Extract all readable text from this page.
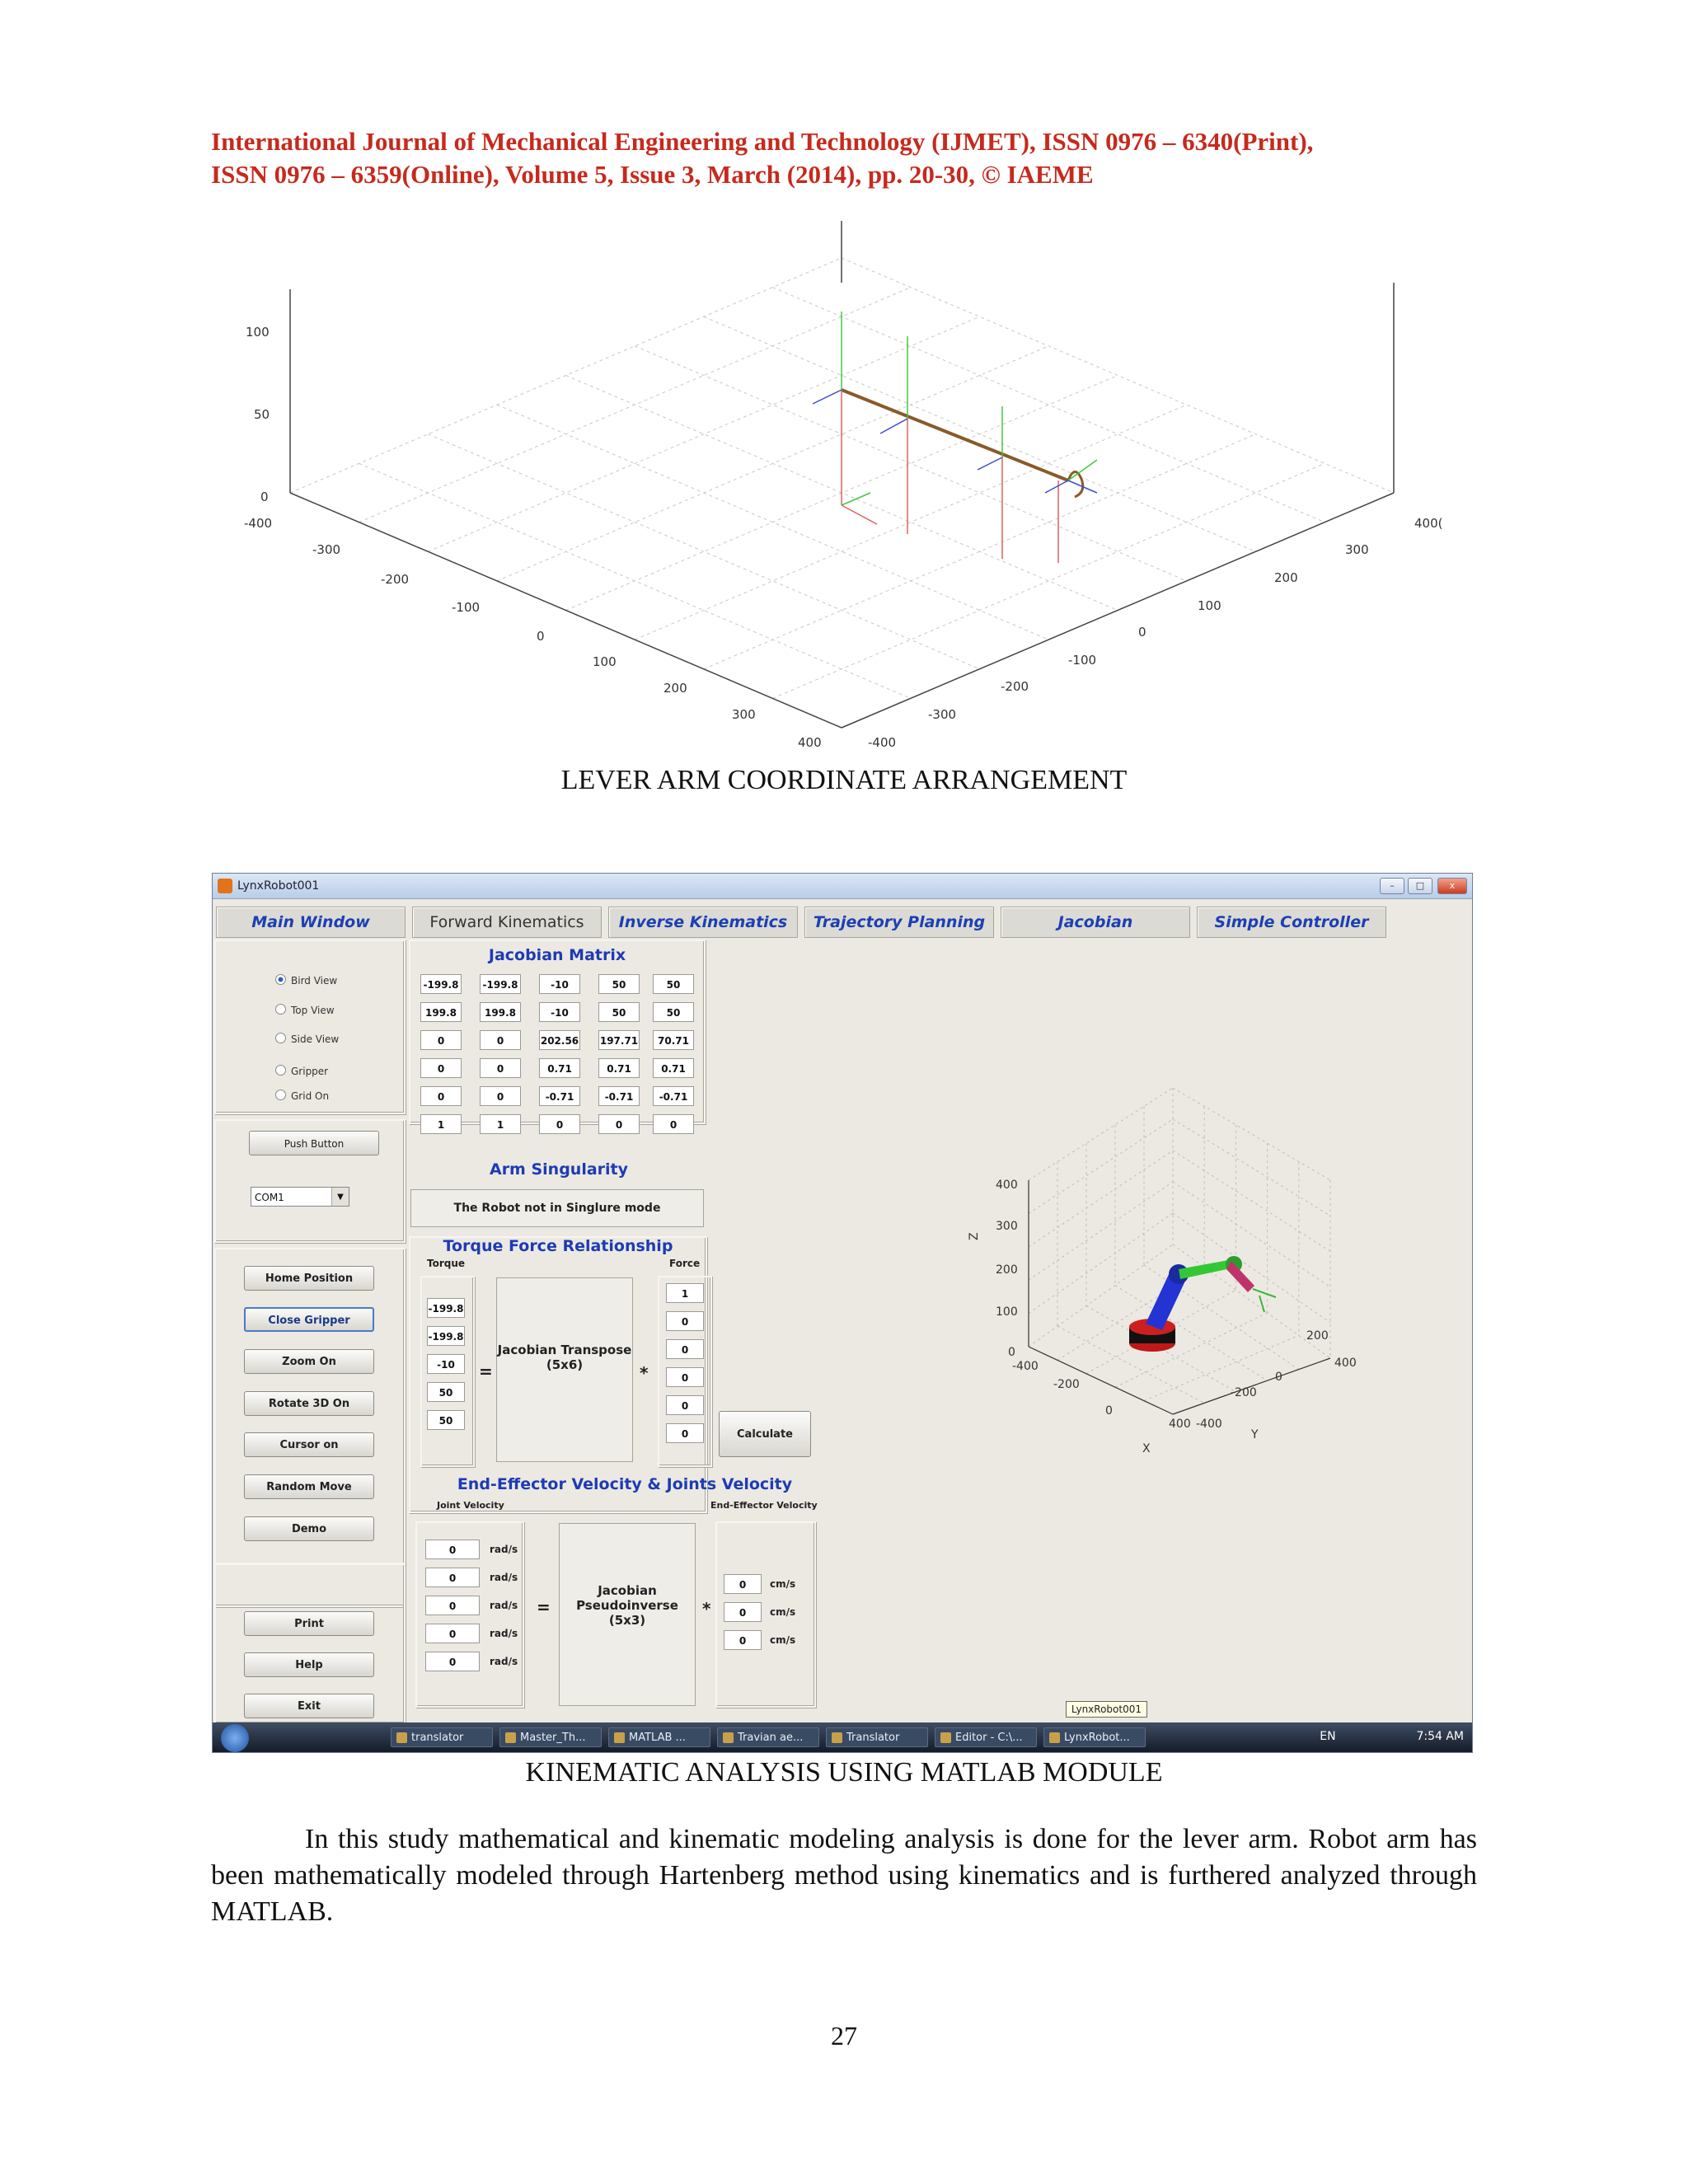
International Journal of Mechanical Engineering and Technology (IJMET), ISSN 0976 – 6340(Print),
ISSN 0976 – 6359(Online), Volume 5, Issue 3, March (2014), pp. 20-30, © IAEME
100
50
0
-400
-300
-200
-100
0
100
200
300
400	-400
-300
-200
-100
0
100
200
300
400(
LEVER ARM COORDINATE ARRANGEMENT
LynxRobot001	–	□	x
Main Window	Forward Kinematics	Inverse Kinematics	Trajectory Planning	Jacobian	Simple Controller
Bird View
Top View
Side View
Gripper
Grid On
Push Button
COM1	▼
Home Position
Close Gripper
Zoom On
Rotate 3D On
Cursor on
Random Move
Demo
Print
Help
Exit
Jacobian Matrix
-199.8 -199.8	-10	50	50
199.8	199.8	-10	50	50
0	0	202.56 197.71	70.71
0	0	0.71	0.71	0.71
0	0	-0.71	-0.71	-0.71
1	1	0	0	0
Arm Singularity
The Robot not in Singlure mode
Torque Force Relationship
Torque	Force
-199.8
-199.8
-10
50
50
=
Jacobian Transpose (5x6)	*
1
0
0
0
0
0	Calculate
End-Effector Velocity & Joints Velocity
Joint Velocity	End-Effector Velocity
0
0
0
0
0
=
Jacobian Pseudoinverse (5x3)
*
0
0
0
400
300
200
100
0
Z
-400
-200
0
400
X
-400
-200
0
200
400
Y
LynxRobot001
translator	Master_Th...	MATLAB ...	Travian ae...	Translator	Editor - C:\...	LynxRobot...	EN	7:54 AM
rad/s
rad/s
rad/s
rad/s
rad/s
cm/s
cm/s
cm/s
KINEMATIC ANALYSIS USING MATLAB MODULE

In this study mathematical and kinematic modeling analysis is done for the lever arm. Robot arm has been mathematically modeled through Hartenberg method using kinematics and is furthered analyzed through MATLAB.

27
